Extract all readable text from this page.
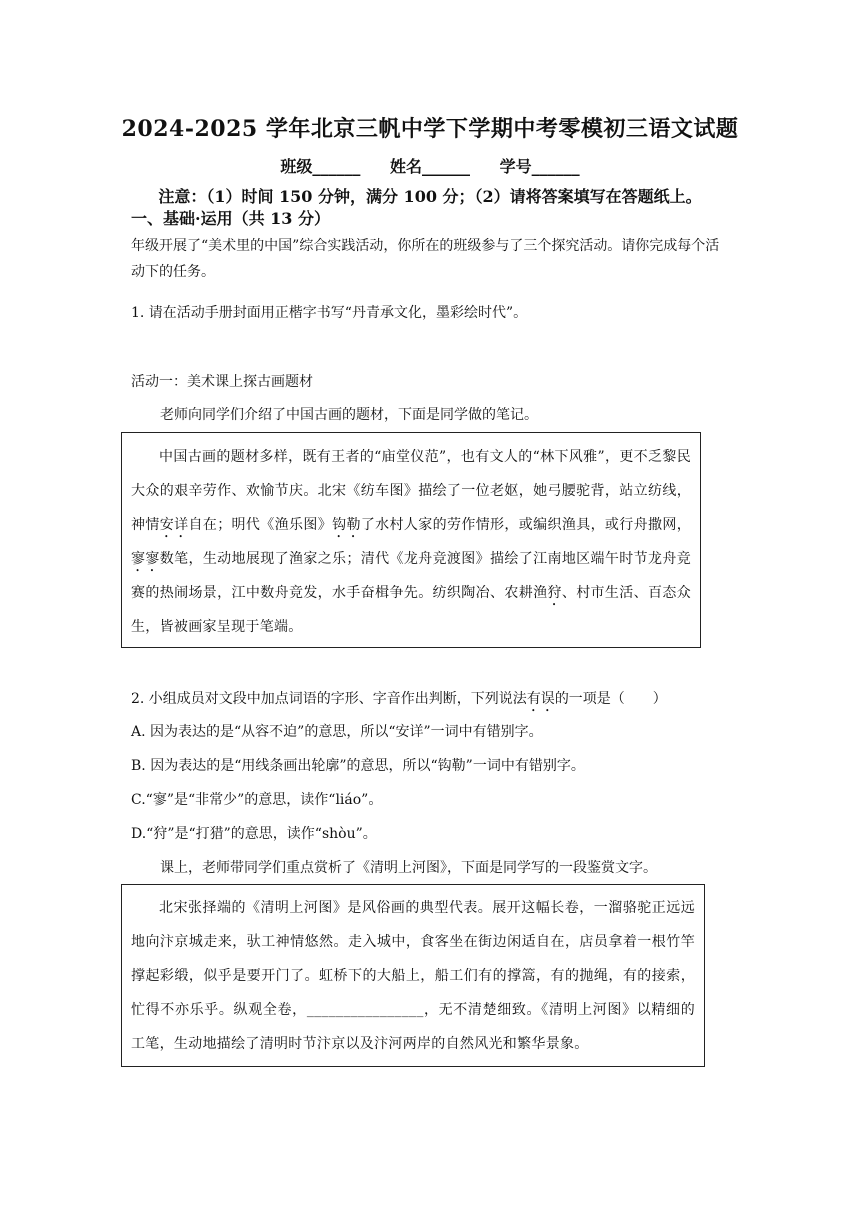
2024-2025 学年北京三帆中学下学期中考零模初三语文试题
班级______ 姓名______ 学号______
注意：（1）时间 150 分钟，满分 100 分；（2）请将答案填写在答题纸上。
一、基础·运用（共 13 分）
年级开展了“美术里的中国”综合实践活动，你所在的班级参与了三个探究活动。请你完成每个活动下的任务。
1. 请在活动手册封面用正楷字书写“丹青承文化，墨彩绘时代”。
活动一：美术课上探古画题材
老师向同学们介绍了中国古画的题材，下面是同学做的笔记。
中国古画的题材多样，既有王者的“庙堂仪范”，也有文人的“林下风雅”，更不乏黎民大众的艰辛劳作、欢愉节庆。北宋《纺车图》描绘了一位老妪，她弓腰驼背，站立纺线，神情安详自在；明代《渔乐图》钩勒了水村人家的劳作情形，或编织渔具，或行舟撒网，寥寥数笔，生动地展现了渔家之乐；清代《龙舟竞渡图》描绘了江南地区端午时节龙舟竞赛的热闹场景，江中数舟竞发，水手奋楫争先。纺织陶冶、农耕渔狩、村市生活、百态众生，皆被画家呈现于笔端。
2. 小组成员对文段中加点词语的字形、字音作出判断，下列说法有误的一项是（　　）
A. 因为表达的是“从容不迫”的意思，所以“安详”一词中有错别字。
B. 因为表达的是“用线条画出轮廓”的意思，所以“钩勒”一词中有错别字。
C.“寥”是“非常少”的意思，读作“liáo”。
D.“狩”是“打猎”的意思，读作“shòu”。
课上，老师带同学们重点赏析了《清明上河图》，下面是同学写的一段鉴赏文字。
北宋张择端的《清明上河图》是风俗画的典型代表。展开这幅长卷，一溜骆驼正远远地向汴京城走来，驮工神情悠然。走入城中，食客坐在街边闲适自在，店员拿着一根竹竿撑起彩缎，似乎是要开门了。虹桥下的大船上，船工们有的撑篙，有的抛绳，有的接索，忙得不亦乐乎。纵观全卷，________________，无不清楚细致。《清明上河图》以精细的工笔，生动地描绘了清明时节汴京以及汴河两岸的自然风光和繁华景象。
